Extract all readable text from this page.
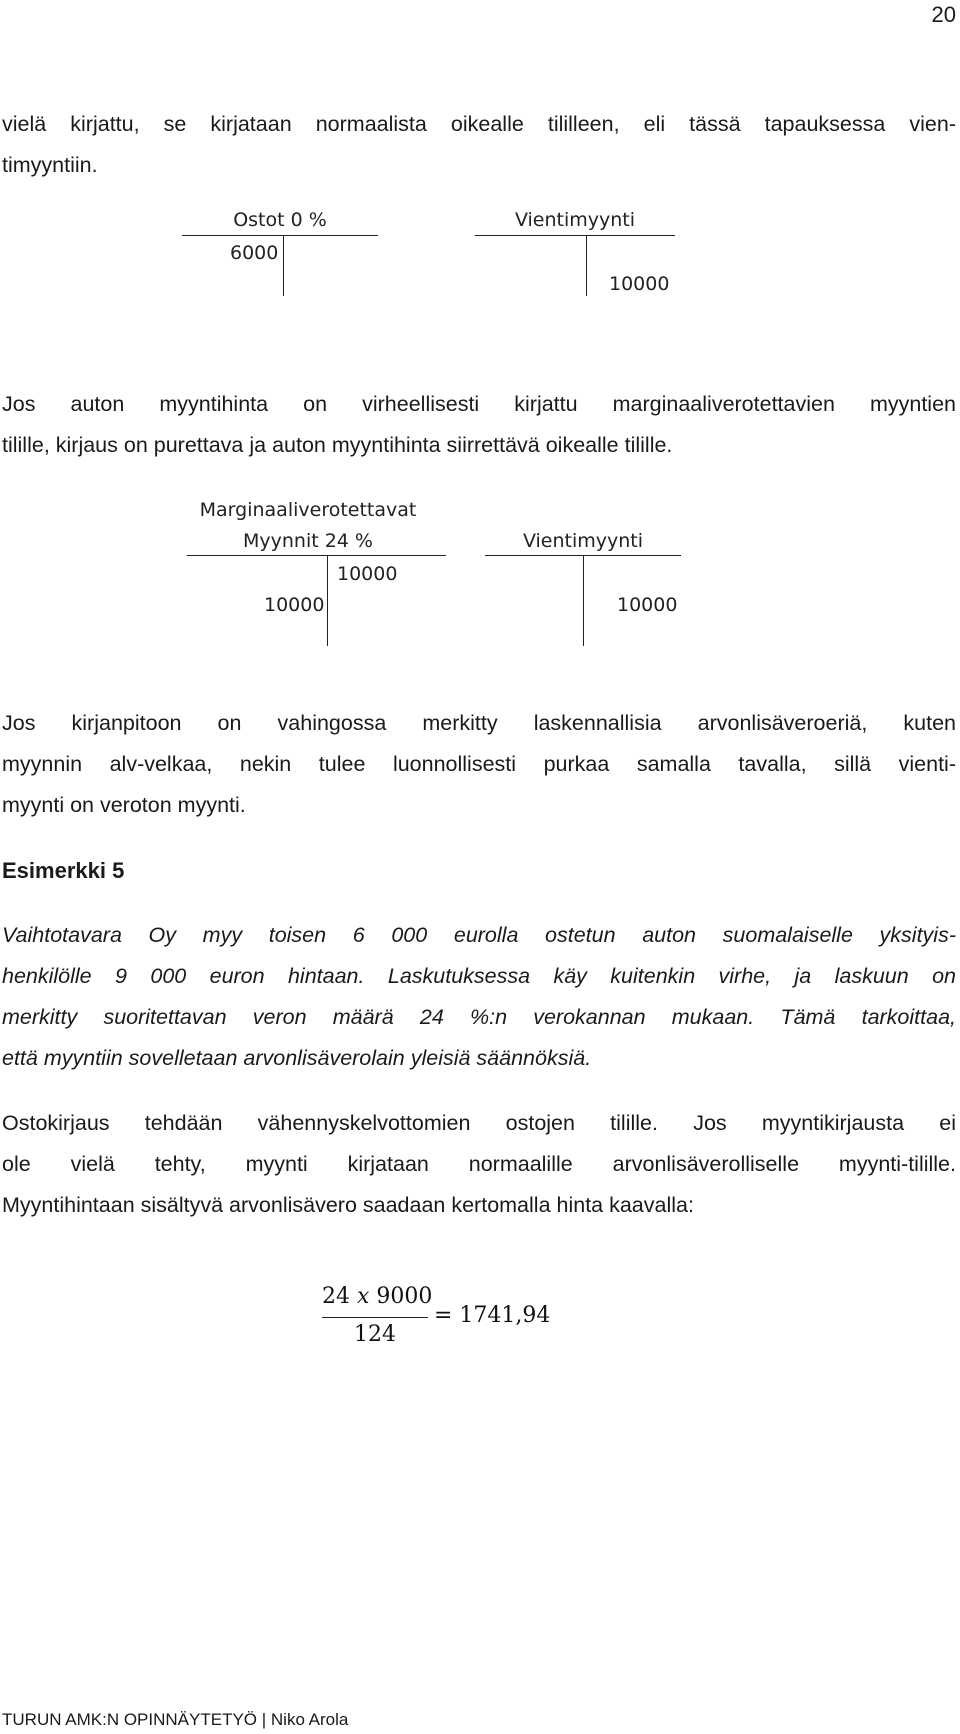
20
vielä kirjattu, se kirjataan normaalista oikealle tililleen, eli tässä tapauksessa vien-
timyyntiin.
Ostot 0 %
6000
Vientimyynti
10000
Jos auton myyntihinta on virheellisesti kirjattu marginaaliverotettavien myyntien
tilille, kirjaus on purettava ja auton myyntihinta siirrettävä oikealle tilille.
Marginaaliverotettavat
Myynnit 24 %
10000
10000
Vientimyynti
10000
Jos kirjanpitoon on vahingossa merkitty laskennallisia arvonlisäveroeriä, kuten
myynnin alv-velkaa, nekin tulee luonnollisesti purkaa samalla tavalla, sillä vienti-
myynti on veroton myynti.
Esimerkki 5
Vaihtotavara Oy myy toisen 6 000 eurolla ostetun auton suomalaiselle yksityis-
henkilölle 9 000 euron hintaan. Laskutuksessa käy kuitenkin virhe, ja laskuun on
merkitty suoritettavan veron määrä 24 %:n verokannan mukaan. Tämä tarkoittaa,
että myyntiin sovelletaan arvonlisäverolain yleisiä säännöksiä.
Ostokirjaus tehdään vähennyskelvottomien ostojen tilille. Jos myyntikirjausta ei
ole vielä tehty, myynti kirjataan normaalille arvonlisäverolliselle myynti-tilille.
Myyntihintaan sisältyvä arvonlisävero saadaan kertomalla hinta kaavalla:
24 𝑥 9000
124
= 1741,94
TURUN AMK:N OPINNÄYTETYÖ | Niko Arola
